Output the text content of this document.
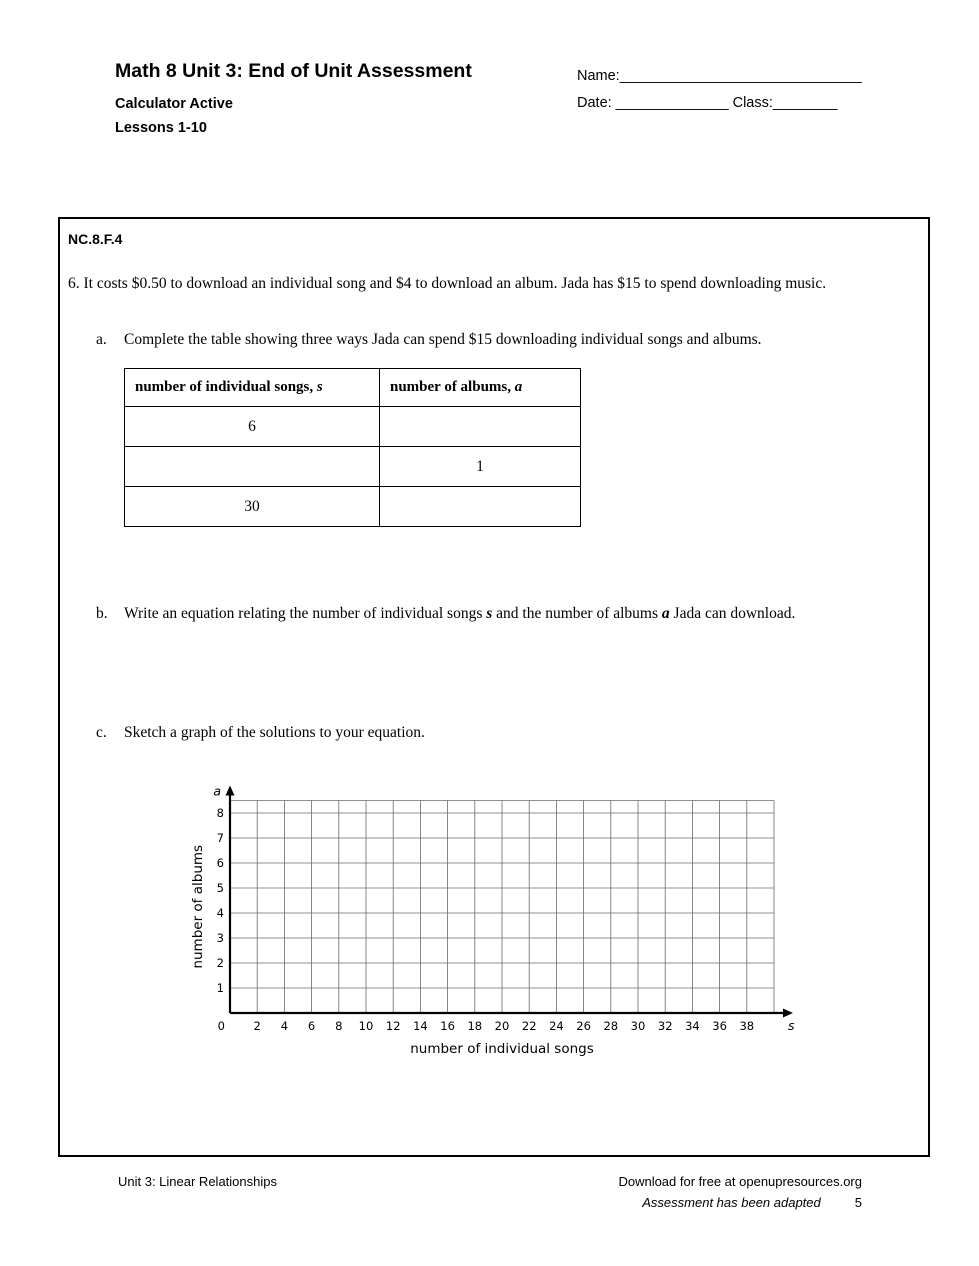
Math 8 Unit 3: End of Unit Assessment
Calculator Active
Lessons 1-10
Name:______________________________
Date: ______________ Class:________
NC.8.F.4

6. It costs $0.50 to download an individual song and $4 to download an album. Jada has $15 to spend downloading music.

a.	Complete the table showing three ways Jada can spend $15 downloading individual songs and albums.
number of individual songs, s	number of albums, a
6	
	1
30	
b.	Write an equation relating the number of individual songs s and the number of albums a Jada can download.
c.	Sketch a graph of the solutions to your equation.
a
s
1
2
3
4
5
6
7
8
2 4 6 8 10 12 14 16 18 20 22 24 26 28 30 32 34 36 38
0
number of individual songs
number of albums
Unit 3: Linear Relationships	Download for free at openupresources.org
Assessment has been adapted	5
